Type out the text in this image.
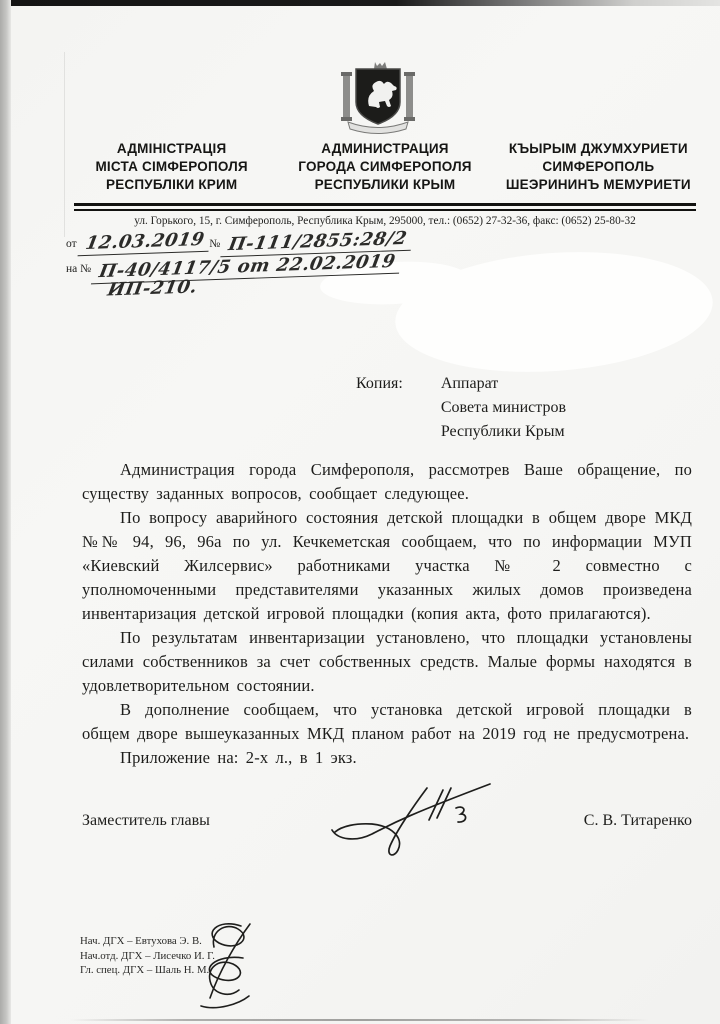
АДМІНІСТРАЦІЯ
МІСТА СІМФЕРОПОЛЯ
РЕСПУБЛІКИ КРИМ
АДМИНИСТРАЦИЯ
ГОРОДА СИМФЕРОПОЛЯ
РЕСПУБЛИКИ КРЫМ
КЪЫРЫМ ДЖУМХУРИЕТИ
СИМФЕРОПОЛЬ
ШЕЭРИНИНЪ МЕМУРИЕТИ
ул. Горького, 15, г. Симферополь, Республика Крым, 295000, тел.: (0652) 27-32-36, факс: (0652) 25-80-32
от 12.03.2019 № П-111/2855:28/2
на № П-40/4117/5 от 22.02.2019
ИП-210.
Копия: Аппарат
Совета министров
Республики Крым

Администрация города Симферополя, рассмотрев Ваше обращение, по существу заданных вопросов, сообщает следующее.

По вопросу аварийного состояния детской площадки в общем дворе МКД №№ 94, 96, 96а по ул. Кечкеметская сообщаем, что по информации МУП «Киевский Жилсервис» работниками участка № 2 совместно с уполномоченными представителями указанных жилых домов произведена инвентаризация детской игровой площадки (копия акта, фото прилагаются).

По результатам инвентаризации установлено, что площадки установлены силами собственников за счет собственных средств. Малые формы находятся в удовлетворительном состоянии.

В дополнение сообщаем, что установка детской игровой площадки в общем дворе вышеуказанных МКД планом работ на 2019 год не предусмотрена.

Приложение на: 2-х л., в 1 экз.

Заместитель главы	С. В. Титаренко
Нач. ДГХ – Евтухова Э. В.
Нач.отд. ДГХ – Лисечко И. Г.
Гл. спец. ДГХ – Шаль Н. М.
